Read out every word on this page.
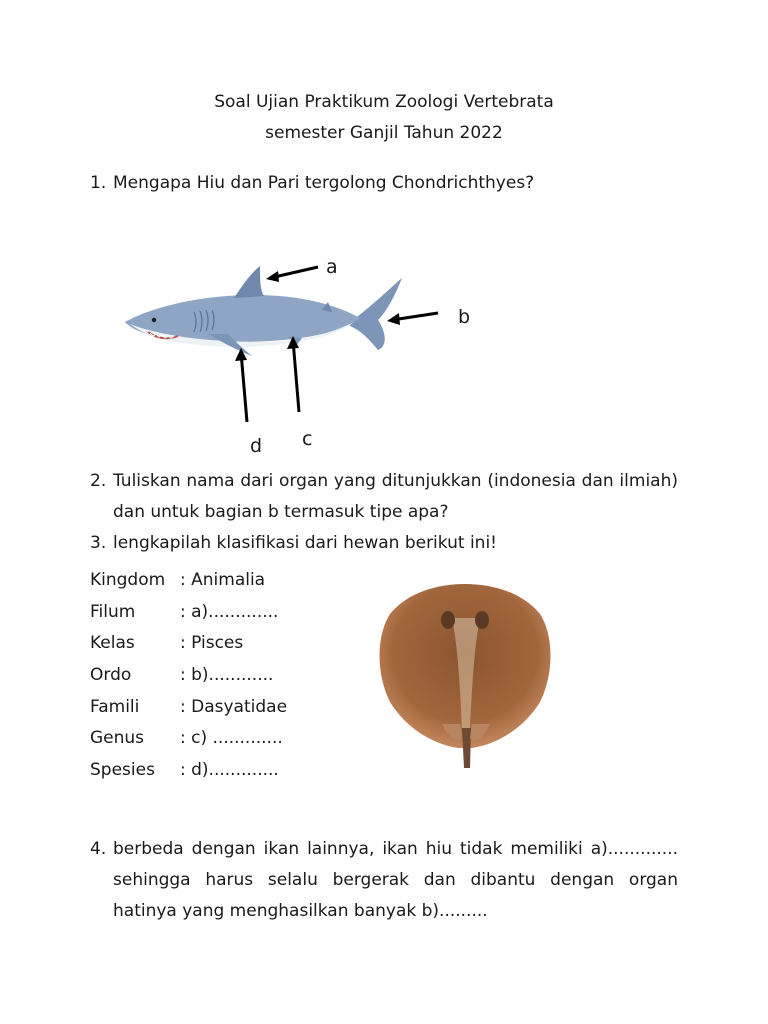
Soal Ujian Praktikum Zoologi Vertebrata
semester Ganjil Tahun 2022
1. Mengapa Hiu dan Pari tergolong Chondrichthyes?
a
b
c
d
2. Tuliskan nama dari organ yang ditunjukkan (indonesia dan ilmiah) dan untuk bagian b termasuk tipe apa?
3. lengkapilah klasifikasi dari hewan berikut ini!
Kingdom : Animalia
Filum	: a).............
Kelas	: Pisces
Ordo	: b)............
Famili : Dasyatidae
Genus : c) .............
Spesies : d).............
4. berbeda dengan ikan lainnya, ikan hiu tidak memiliki a)............. sehingga harus selalu bergerak dan dibantu dengan organ hatinya yang menghasilkan banyak b).........
